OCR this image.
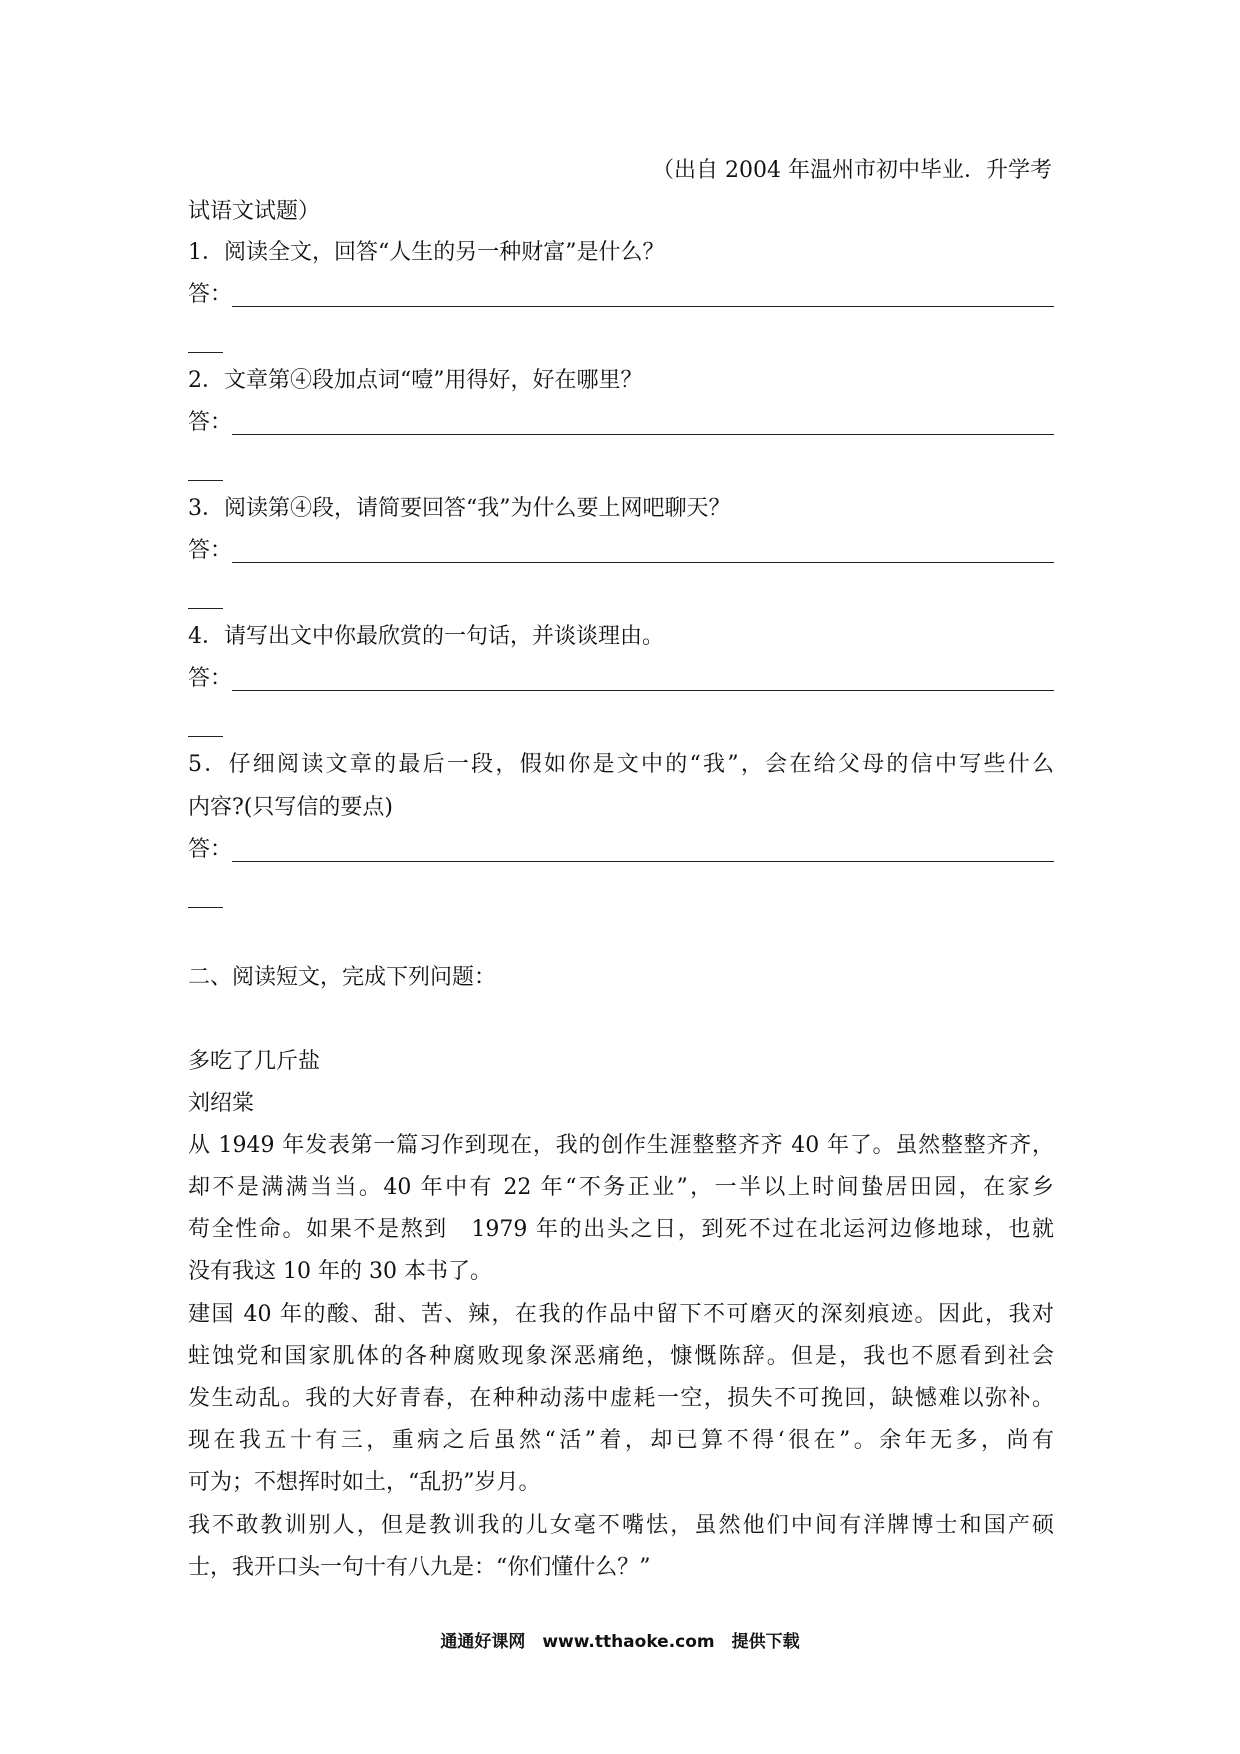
（出自 2004 年温州市初中毕业．升学考

试语文试题）

1．阅读全文，回答“人生的另一种财富”是什么？

答：

2．文章第④段加点词“噎”用得好，好在哪里？

答：

3．阅读第④段，请简要回答“我”为什么要上网吧聊天？

答：

4．请写出文中你最欣赏的一句话，并谈谈理由。

答：

5．仔细阅读文章的最后一段，假如你是文中的“我”，会在给父母的信中写些什么

内容?(只写信的要点)

答：

二、阅读短文，完成下列问题：

多吃了几斤盐

刘绍棠

从 1949 年发表第一篇习作到现在，我的创作生涯整整齐齐 40 年了。虽然整整齐齐，

却不是满满当当。40 年中有 22 年“不务正业”，一半以上时间蛰居田园，在家乡

苟全性命。如果不是熬到　1979 年的出头之日，到死不过在北运河边修地球，也就

没有我这 10 年的 30 本书了。

建国 40 年的酸、甜、苦、辣，在我的作品中留下不可磨灭的深刻痕迹。因此，我对

蛀蚀党和国家肌体的各种腐败现象深恶痛绝，慷慨陈辞。但是，我也不愿看到社会

发生动乱。我的大好青春，在种种动荡中虚耗一空，损失不可挽回，缺憾难以弥补。

现在我五十有三，重病之后虽然“活”着，却已算不得‘很在”。余年无多，尚有

可为；不想挥时如土，“乱扔”岁月。

我不敢教训别人，但是教训我的儿女毫不嘴怯，虽然他们中间有洋牌博士和国产硕

士，我开口头一句十有八九是：“你们懂什么？”

通通好课网　www.tthaoke.com　提供下载
